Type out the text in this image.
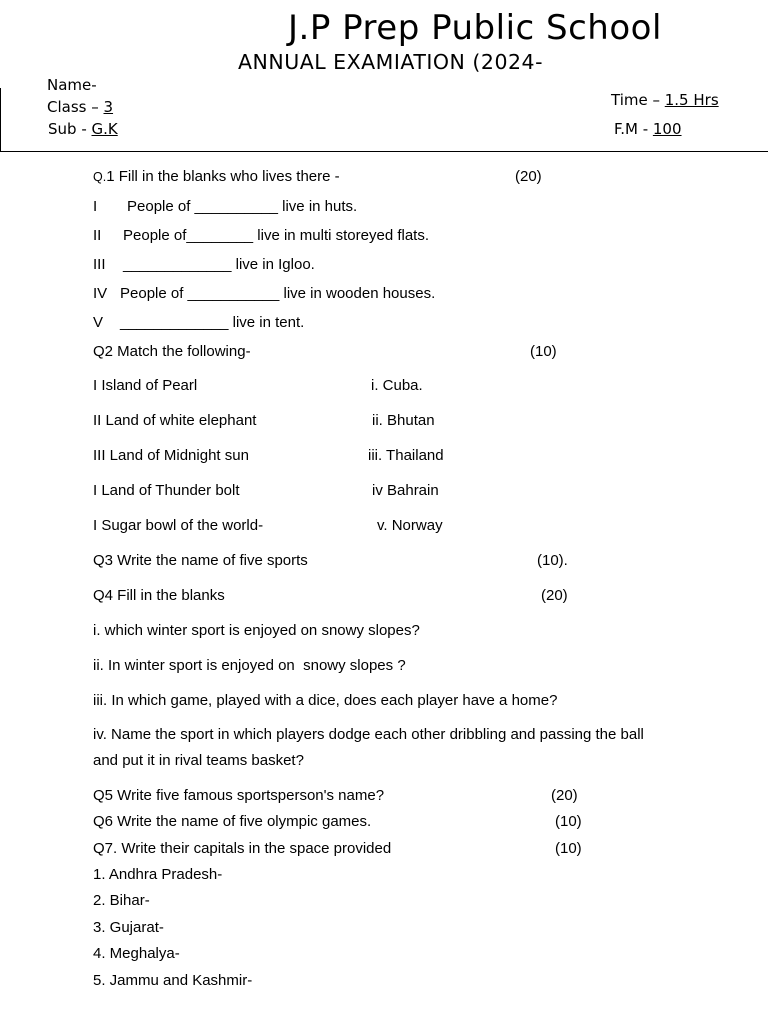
J.P Prep Public School
ANNUAL EXAMIATION (2024-
Name-
Class – 3
Sub - G.K
Time – 1.5 Hrs
F.M - 100
Q.1 Fill in the blanks who lives there -	(20)
I People of __________ live in huts.
II People of________ live in multi storeyed flats.
III _____________ live in Igloo.
IV People of ___________ live in wooden houses.
V _____________ live in tent.
Q2 Match the following-	(10)
I Island of Pearl	i. Cuba.
II Land of white elephant	ii. Bhutan
III Land of Midnight sun	iii. Thailand
I Land of Thunder bolt	iv Bahrain
I Sugar bowl of the world-	v. Norway
Q3 Write the name of five sports	(10).
Q4 Fill in the blanks	(20)
i. which winter sport is enjoyed on snowy slopes?
ii. In winter sport is enjoyed on  snowy slopes ?
iii. In which game, played with a dice, does each player have a home?
iv. Name the sport in which players dodge each other dribbling and passing the ball
and put it in rival teams basket?
Q5 Write five famous sportsperson's name?	(20)
Q6 Write the name of five olympic games.	(10)
Q7. Write their capitals in the space provided	(10)
1. Andhra Pradesh-
2. Bihar-
3. Gujarat-
4. Meghalya-
5. Jammu and Kashmir-
